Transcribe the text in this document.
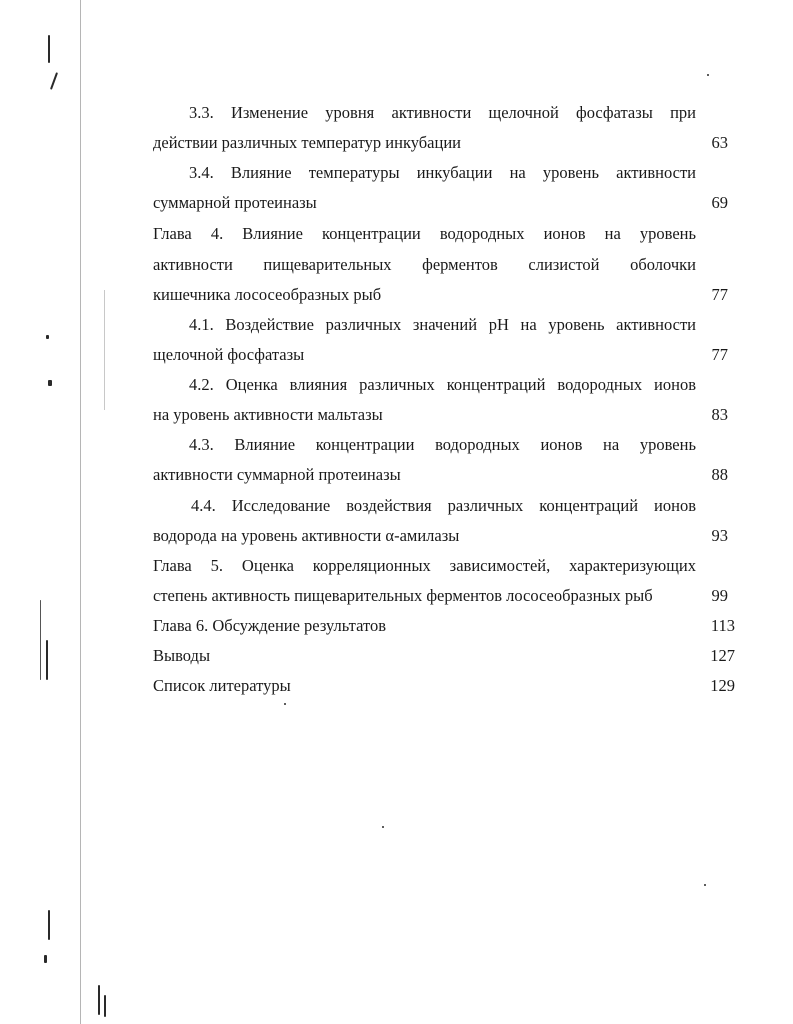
3.3. Изменение уровня активности щелочной фосфатазы при
действии различных температур инкубации	63
3.4. Влияние температуры инкубации на уровень активности
суммарной протеиназы	69
Глава 4. Влияние концентрации водородных ионов на уровень
активности пищеварительных ферментов слизистой оболочки
кишечника лососеобразных рыб	77
4.1. Воздействие различных значений рН на уровень активности
щелочной фосфатазы	77
4.2. Оценка влияния различных концентраций водородных ионов
на уровень активности мальтазы	83
4.3. Влияние концентрации водородных ионов на уровень
активности суммарной протеиназы	88
4.4. Исследование воздействия различных концентраций ионов
водорода на уровень активности α-амилазы	93
Глава 5. Оценка корреляционных зависимостей, характеризующих
степень активность пищеварительных ферментов лососеобразных рыб	99
Глава 6. Обсуждение результатов	113
Выводы	127
Список литературы	129
